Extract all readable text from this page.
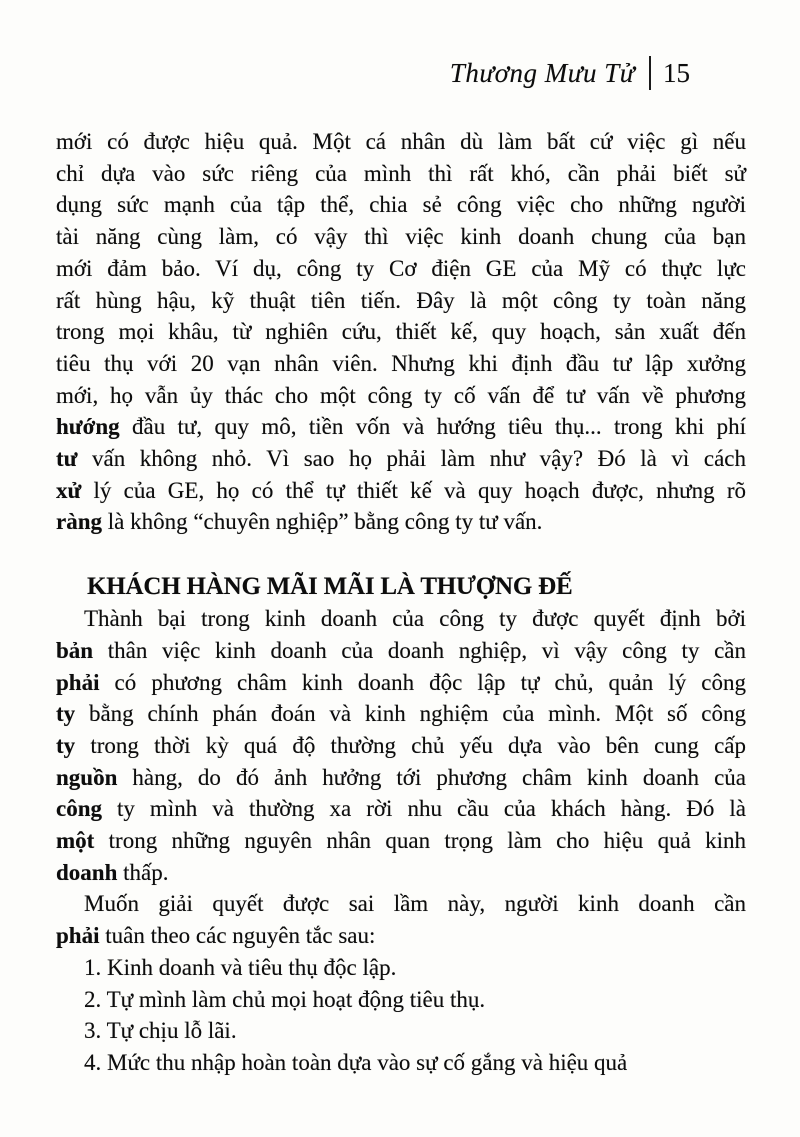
Thương Mưu Tử 15
mới có được hiệu quả. Một cá nhân dù làm bất cứ việc gì nếu
chỉ dựa vào sức riêng của mình thì rất khó, cần phải biết sử
dụng sức mạnh của tập thể, chia sẻ công việc cho những người
tài năng cùng làm, có vậy thì việc kinh doanh chung của bạn
mới đảm bảo. Ví dụ, công ty Cơ điện GE của Mỹ có thực lực
rất hùng hậu, kỹ thuật tiên tiến. Đây là một công ty toàn năng
trong mọi khâu, từ nghiên cứu, thiết kế, quy hoạch, sản xuất đến
tiêu thụ với 20 vạn nhân viên. Nhưng khi định đầu tư lập xưởng
mới, họ vẫn ủy thác cho một công ty cố vấn để tư vấn về phương
hướng đầu tư, quy mô, tiền vốn và hướng tiêu thụ... trong khi phí
tư vấn không nhỏ. Vì sao họ phải làm như vậy? Đó là vì cách
xử lý của GE, họ có thể tự thiết kế và quy hoạch được, nhưng rõ
ràng là không “chuyên nghiệp” bằng công ty tư vấn.
KHÁCH HÀNG MÃI MÃI LÀ THƯỢNG ĐẾ
Thành bại trong kinh doanh của công ty được quyết định bởi
bản thân việc kinh doanh của doanh nghiệp, vì vậy công ty cần
phải có phương châm kinh doanh độc lập tự chủ, quản lý công
ty bằng chính phán đoán và kinh nghiệm của mình. Một số công
ty trong thời kỳ quá độ thường chủ yếu dựa vào bên cung cấp
nguồn hàng, do đó ảnh hưởng tới phương châm kinh doanh của
công ty mình và thường xa rời nhu cầu của khách hàng. Đó là
một trong những nguyên nhân quan trọng làm cho hiệu quả kinh
doanh thấp.
Muốn giải quyết được sai lầm này, người kinh doanh cần
phải tuân theo các nguyên tắc sau:
1. Kinh doanh và tiêu thụ độc lập.
2. Tự mình làm chủ mọi hoạt động tiêu thụ.
3. Tự chịu lỗ lãi.
4. Mức thu nhập hoàn toàn dựa vào sự cố gắng và hiệu quả
